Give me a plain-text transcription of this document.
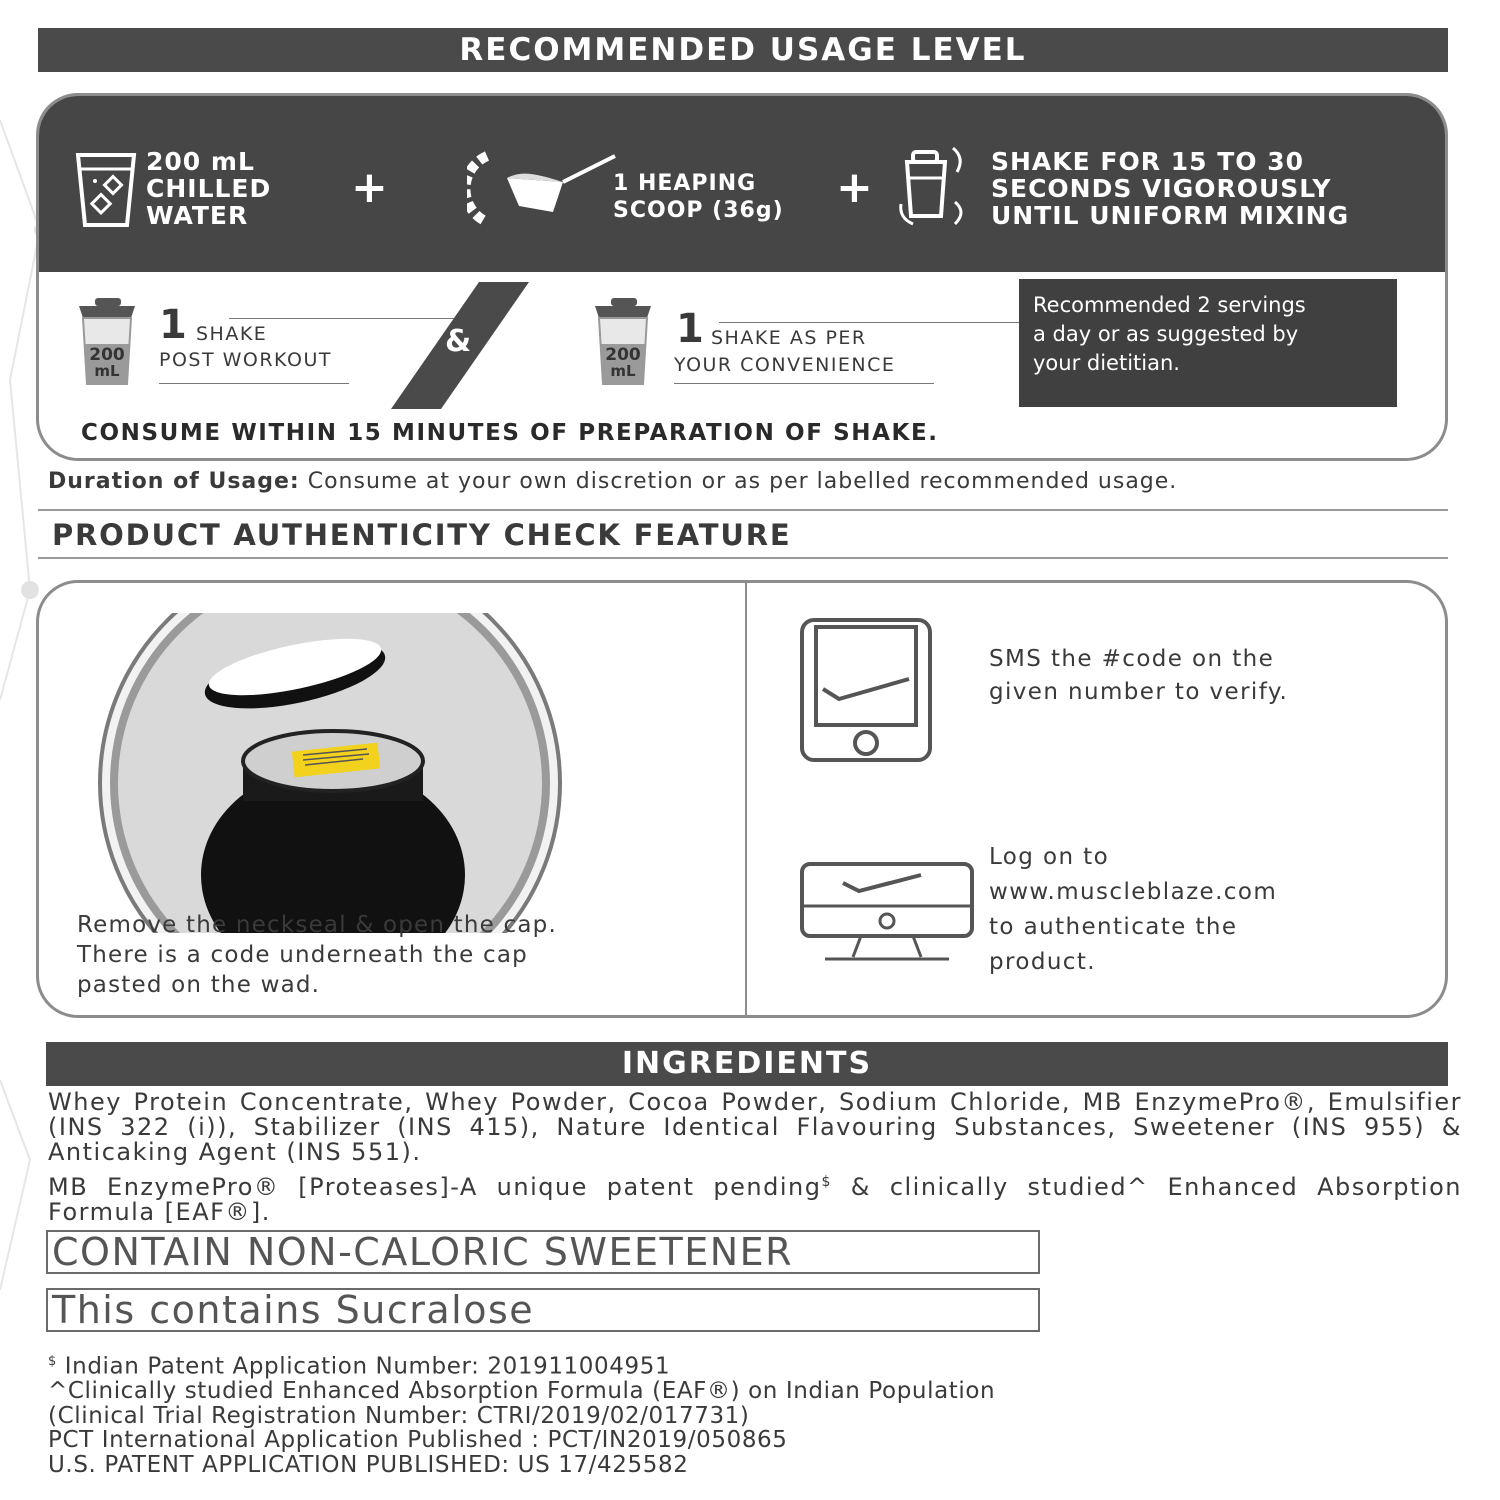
RECOMMENDED USAGE LEVEL
200 mL
CHILLED
WATER
+	1 HEAPING
SCOOP (36g) +
SHAKE FOR 15 TO 30
SECONDS VIGOROUSLY
UNTIL UNIFORM MIXING
200
mL
1 SHAKE
POST WORKOUT
&	200
mL
1 SHAKE AS PER
YOUR CONVENIENCE
Recommended 2 servings
a day or as suggested by
your dietitian.
CONSUME WITHIN 15 MINUTES OF PREPARATION OF SHAKE.
Duration of Usage: Consume at your own discretion or as per labelled recommended usage.
PRODUCT AUTHENTICITY CHECK FEATURE
Remove the neckseal & open the cap.
There is a code underneath the cap
pasted on the wad.
SMS the #code on the
given number to verify.
Log on to
www.muscleblaze.com
to authenticate the
product.
INGREDIENTS
Whey Protein Concentrate, Whey Powder, Cocoa Powder, Sodium Chloride, MB EnzymePro®, Emulsifier (INS 322 (i)), Stabilizer (INS 415), Nature Identical Flavouring Substances, Sweetener (INS 955) & Anticaking Agent (INS 551).
MB EnzymePro® [Proteases]-A unique patent pending$ & clinically studied^ Enhanced Absorption Formula [EAF®].
CONTAIN NON-CALORIC SWEETENER
This contains Sucralose
$ Indian Patent Application Number: 201911004951
^Clinically studied Enhanced Absorption Formula (EAF®) on Indian Population
(Clinical Trial Registration Number: CTRI/2019/02/017731)
PCT International Application Published : PCT/IN2019/050865
U.S. PATENT APPLICATION PUBLISHED: US 17/425582
